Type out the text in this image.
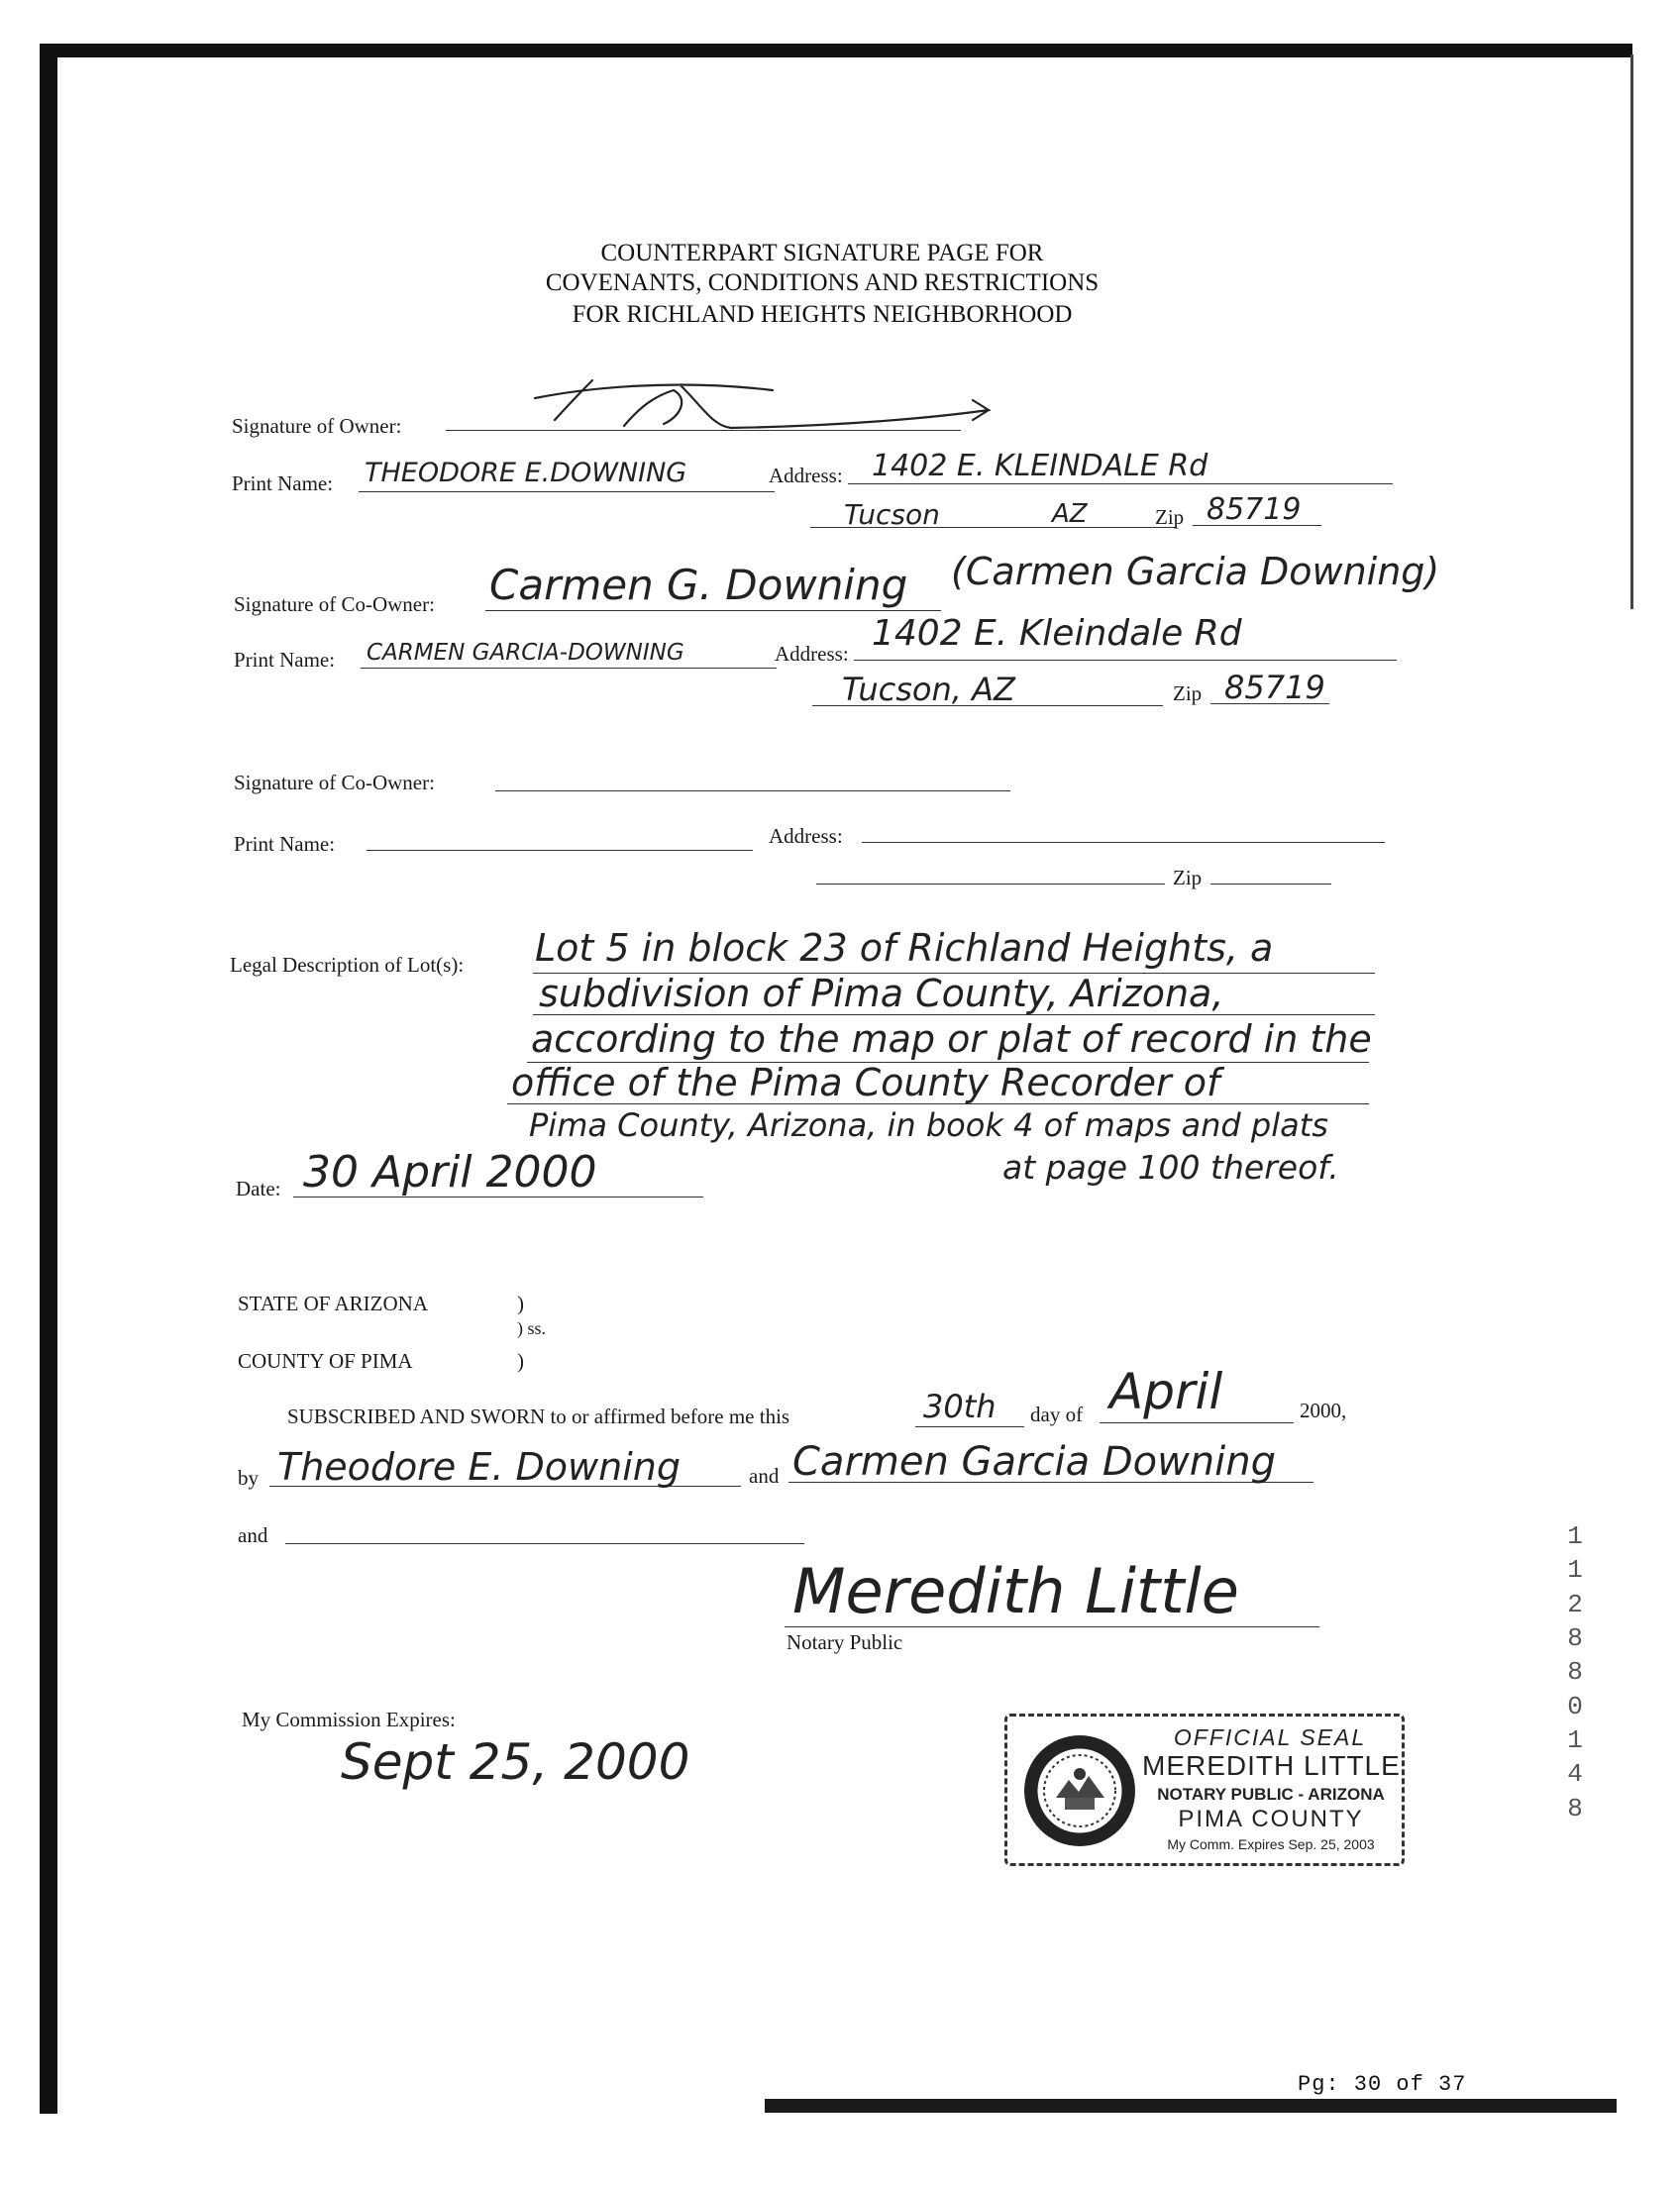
COUNTERPART SIGNATURE PAGE FOR
COVENANTS, CONDITIONS AND RESTRICTIONS
FOR RICHLAND HEIGHTS NEIGHBORHOOD
Signature of Owner:
Print Name: THEODORE E.DOWNING	Address: 1402 E. KLEINDALE Rd
Tucson	AZ	Zip 85719
Signature of Co-Owner: Carmen G. Downing (Carmen Garcia Downing)
Print Name: CARMEN GARCIA-DOWNING	Address: 1402 E. Kleindale Rd
Tucson, AZ	Zip 85719
Signature of Co-Owner:
Print Name:	Address:
Zip
Legal Description of Lot(s): Lot 5 in block 23 of Richland Heights, a
subdivision of Pima County, Arizona,
according to the map or plat of record in the
office of the Pima County Recorder of
Pima County, Arizona, in book 4 of maps and plats
at page 100 thereof.
Date: 30 April 2000
STATE OF ARIZONA	)
) ss.
COUNTY OF PIMA	)
SUBSCRIBED AND SWORN to or affirmed before me this	30th day of April	2000,
by Theodore E. Downing	and Carmen Garcia Downing
and
Meredith Little
Notary Public
My Commission Expires:
Sept 25, 2000	OFFICIAL SEAL
MEREDITH LITTLE
NOTARY PUBLIC - ARIZONA
PIMA COUNTY
My Comm. Expires Sep. 25, 2003
11288 0148
Pg: 30 of 37
